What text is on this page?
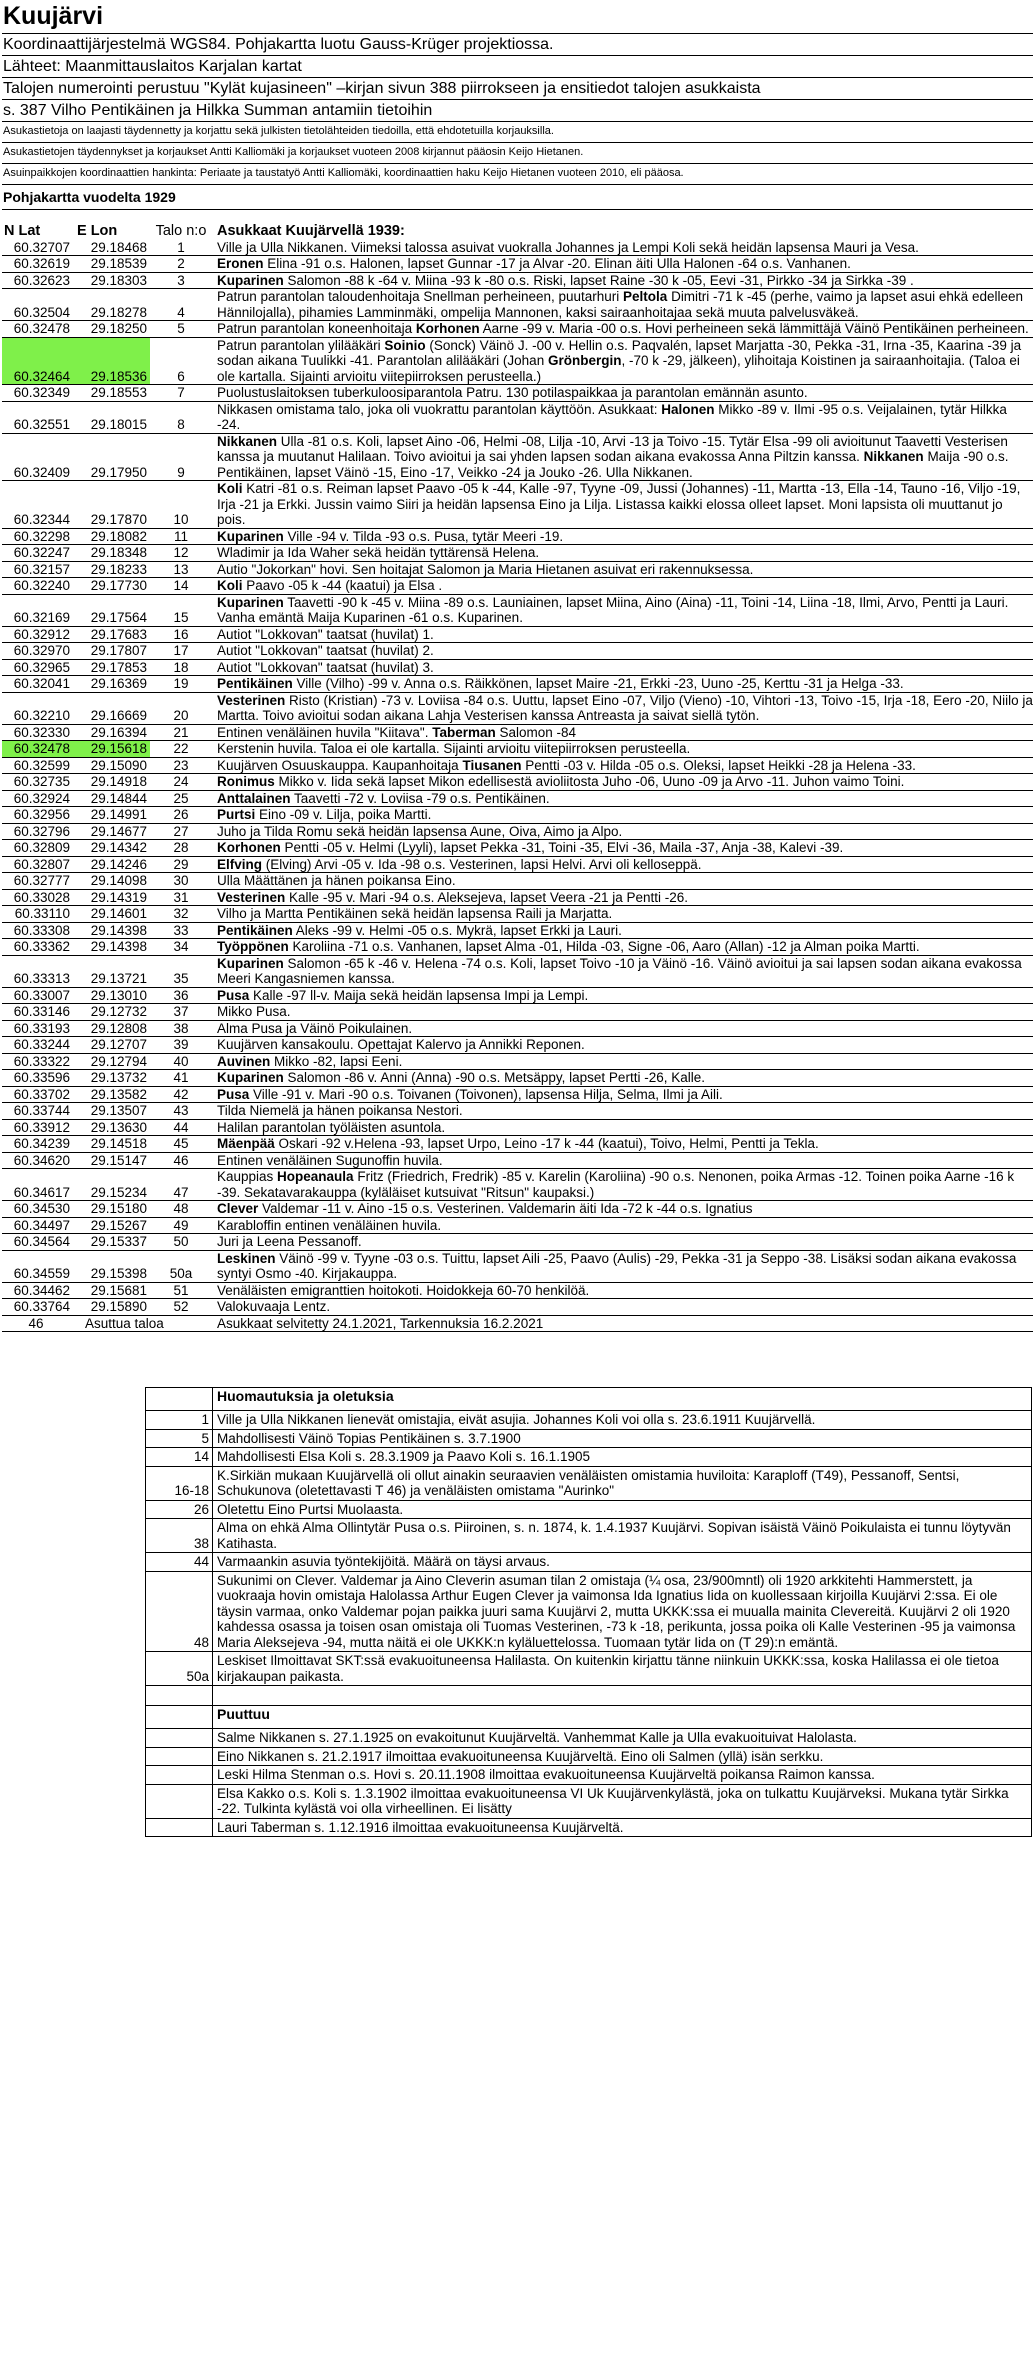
Kuujärvi
Koordinaattijärjestelmä WGS84. Pohjakartta luotu Gauss-Krüger projektiossa.
Lähteet: Maanmittauslaitos Karjalan kartat
Talojen numerointi perustuu "Kylät kujasineen" –kirjan sivun 388 piirrokseen ja ensitiedot talojen asukkaista
s. 387 Vilho Pentikäinen ja Hilkka Summan antamiin tietoihin
Asukastietoja on laajasti täydennetty ja korjattu sekä julkisten tietolähteiden tiedoilla, että ehdotetuilla korjauksilla.
Asukastietojen täydennykset ja korjaukset Antti Kalliomäki ja korjaukset vuoteen 2008 kirjannut pääosin Keijo Hietanen.
Asuinpaikkojen koordinaattien hankinta: Periaate ja taustatyö Antti Kalliomäki, koordinaattien haku Keijo Hietanen vuoteen 2010, eli pääosa.
Pohjakartta vuodelta 1929
N Lat	E Lon	Talo n:o	Asukkaat Kuujärvellä 1939:
60.32707	29.18468	1	Ville ja Ulla Nikkanen. Viimeksi talossa asuivat vuokralla Johannes ja Lempi Koli sekä heidän lapsensa Mauri ja Vesa.
60.32619	29.18539	2	Eronen Elina -91 o.s. Halonen, lapset Gunnar -17 ja Alvar -20. Elinan äiti Ulla Halonen -64 o.s. Vanhanen.
60.32623	29.18303	3	Kuparinen Salomon -88 k -64 v. Miina -93 k -80 o.s. Riski, lapset Raine -30 k -05, Eevi -31, Pirkko -34 ja Sirkka -39 .
60.32504	29.18278	4	Patrun parantolan taloudenhoitaja Snellman perheineen, puutarhuri Peltola Dimitri -71 k -45 (perhe, vaimo ja lapset asui ehkä edelleen Hännilojalla), pihamies Lamminmäki, ompelija Mannonen, kaksi sairaanhoitajaa sekä muuta palvelusväkeä.
60.32478	29.18250	5	Patrun parantolan koneenhoitaja Korhonen Aarne -99 v. Maria -00 o.s. Hovi perheineen sekä lämmittäjä Väinö Pentikäinen perheineen.
60.32464	29.18536	6	Patrun parantolan ylilääkäri Soinio (Sonck) Väinö J. -00 v. Hellin o.s. Paqvalén, lapset Marjatta -30, Pekka -31, Irna -35, Kaarina -39 ja sodan aikana Tuulikki -41. Parantolan alilääkäri (Johan Grönbergin, -70 k -29, jälkeen), ylihoitaja Koistinen ja sairaanhoitajia. (Taloa ei ole kartalla. Sijainti arvioitu viitepiirroksen perusteella.)
60.32349	29.18553	7	Puolustuslaitoksen tuberkuloosiparantola Patru. 130 potilaspaikkaa ja parantolan emännän asunto.
60.32551	29.18015	8	Nikkasen omistama talo, joka oli vuokrattu parantolan käyttöön. Asukkaat: Halonen Mikko -89 v. Ilmi -95 o.s. Veijalainen, tytär Hilkka -24.
60.32409	29.17950	9	Nikkanen Ulla -81 o.s. Koli, lapset Aino -06, Helmi -08, Lilja -10, Arvi -13 ja Toivo -15. Tytär Elsa -99 oli avioitunut Taavetti Vesterisen kanssa ja muutanut Halilaan. Toivo avioitui ja sai yhden lapsen sodan aikana evakossa Anna Piltzin kanssa. Nikkanen Maija -90 o.s. Pentikäinen, lapset Väinö -15, Eino -17, Veikko -24 ja Jouko -26. Ulla Nikkanen.
60.32344	29.17870	10	Koli Katri -81 o.s. Reiman lapset Paavo -05 k -44, Kalle -97, Tyyne -09, Jussi (Johannes) -11, Martta -13, Ella -14, Tauno -16, Viljo -19, Irja -21 ja Erkki. Jussin vaimo Siiri ja heidän lapsensa Eino ja Lilja. Listassa kaikki elossa olleet lapset. Moni lapsista oli muuttanut jo pois.
60.32298	29.18082	11	Kuparinen Ville -94 v. Tilda -93 o.s. Pusa, tytär Meeri -19.
60.32247	29.18348	12	Wladimir ja Ida Waher sekä heidän tyttärensä Helena.
60.32157	29.18233	13	Autio "Jokorkan" hovi. Sen hoitajat Salomon ja Maria Hietanen asuivat eri rakennuksessa.
60.32240	29.17730	14	Koli Paavo -05 k -44 (kaatui) ja Elsa .
60.32169	29.17564	15	Kuparinen Taavetti -90 k -45 v. Miina -89 o.s. Launiainen, lapset Miina, Aino (Aina) -11, Toini -14, Liina -18, Ilmi, Arvo, Pentti ja Lauri. Vanha emäntä Maija Kuparinen -61 o.s. Kuparinen.
60.32912	29.17683	16	Autiot "Lokkovan" taatsat (huvilat) 1.
60.32970	29.17807	17	Autiot "Lokkovan" taatsat (huvilat) 2.
60.32965	29.17853	18	Autiot "Lokkovan" taatsat (huvilat) 3.
60.32041	29.16369	19	Pentikäinen Ville (Vilho) -99 v. Anna o.s. Räikkönen, lapset Maire -21, Erkki -23, Uuno -25, Kerttu -31 ja Helga -33.
60.32210	29.16669	20	Vesterinen Risto (Kristian) -73 v. Loviisa -84 o.s. Uuttu, lapset Eino -07, Viljo (Vieno) -10, Vihtori -13, Toivo -15, Irja -18, Eero -20, Niilo ja Martta. Toivo avioitui sodan aikana Lahja Vesterisen kanssa Antreasta ja saivat siellä tytön.
60.32330	29.16394	21	Entinen venäläinen huvila "Kiitava". Taberman Salomon -84
60.32478	29.15618	22	Kerstenin huvila. Taloa ei ole kartalla. Sijainti arvioitu viitepiirroksen perusteella.
60.32599	29.15090	23	Kuujärven Osuuskauppa. Kaupanhoitaja Tiusanen Pentti -03 v. Hilda -05 o.s. Oleksi, lapset Heikki -28 ja Helena -33.
60.32735	29.14918	24	Ronimus Mikko v. Iida sekä lapset Mikon edellisestä avioliitosta Juho -06, Uuno -09 ja Arvo -11. Juhon vaimo Toini.
60.32924	29.14844	25	Anttalainen Taavetti -72 v. Loviisa -79 o.s. Pentikäinen.
60.32956	29.14991	26	Purtsi Eino -09 v. Lilja, poika Martti.
60.32796	29.14677	27	Juho ja Tilda Romu sekä heidän lapsensa Aune, Oiva, Aimo ja Alpo.
60.32809	29.14342	28	Korhonen Pentti -05 v. Helmi (Lyyli), lapset Pekka -31, Toini -35, Elvi -36, Maila -37, Anja -38, Kalevi -39.
60.32807	29.14246	29	Elfving (Elving) Arvi -05 v. Ida -98 o.s. Vesterinen, lapsi Helvi. Arvi oli kelloseppä.
60.32777	29.14098	30	Ulla Määttänen ja hänen poikansa Eino.
60.33028	29.14319	31	Vesterinen Kalle -95 v. Mari -94 o.s. Aleksejeva, lapset Veera -21 ja Pentti -26.
60.33110	29.14601	32	Vilho ja Martta Pentikäinen sekä heidän lapsensa Raili ja Marjatta.
60.33308	29.14398	33	Pentikäinen Aleks -99 v. Helmi -05 o.s. Mykrä, lapset Erkki ja Lauri.
60.33362	29.14398	34	Työppönen Karoliina -71 o.s. Vanhanen, lapset Alma -01, Hilda -03, Signe -06, Aaro (Allan) -12 ja Alman poika Martti.
60.33313	29.13721	35	Kuparinen Salomon -65 k -46 v. Helena -74 o.s. Koli, lapset Toivo -10 ja Väinö -16. Väinö avioitui ja sai lapsen sodan aikana evakossa Meeri Kangasniemen kanssa.
60.33007	29.13010	36	Pusa Kalle -97 ll-v. Maija sekä heidän lapsensa Impi ja Lempi.
60.33146	29.12732	37	Mikko Pusa.
60.33193	29.12808	38	Alma Pusa ja Väinö Poikulainen.
60.33244	29.12707	39	Kuujärven kansakoulu. Opettajat Kalervo ja Annikki Reponen.
60.33322	29.12794	40	Auvinen Mikko -82, lapsi Eeni.
60.33596	29.13732	41	Kuparinen Salomon -86 v. Anni (Anna) -90 o.s. Metsäppy, lapset Pertti -26, Kalle.
60.33702	29.13582	42	Pusa Ville -91 v. Mari -90 o.s. Toivanen (Toivonen), lapsensa Hilja, Selma, Ilmi ja Aili.
60.33744	29.13507	43	Tilda Niemelä ja hänen poikansa Nestori.
60.33912	29.13630	44	Halilan parantolan työläisten asuntola.
60.34239	29.14518	45	Mäenpää Oskari -92 v.Helena -93, lapset Urpo, Leino -17 k -44 (kaatui), Toivo, Helmi, Pentti ja Tekla.
60.34620	29.15147	46	Entinen venäläinen Sugunoffin huvila.
60.34617	29.15234	47	Kauppias Hopeanaula Fritz (Friedrich, Fredrik) -85 v. Karelin (Karoliina) -90 o.s. Nenonen, poika Armas -12. Toinen poika Aarne -16 k -39. Sekatavarakauppa (kyläläiset kutsuivat "Ritsun" kaupaksi.)
60.34530	29.15180	48	Clever Valdemar -11 v. Aino -15 o.s. Vesterinen. Valdemarin äiti Ida -72 k -44 o.s. Ignatius
60.34497	29.15267	49	Karabloffin entinen venäläinen huvila.
60.34564	29.15337	50	Juri ja Leena Pessanoff.
60.34559	29.15398	50a	Leskinen Väinö -99 v. Tyyne -03 o.s. Tuittu, lapset Aili -25, Paavo (Aulis) -29, Pekka -31 ja Seppo -38. Lisäksi sodan aikana evakossa syntyi Osmo -40. Kirjakauppa.
60.34462	29.15681	51	Venäläisten emigranttien hoitokoti. Hoidokkeja 60-70 henkilöä.
60.33764	29.15890	52	Valokuvaaja Lentz.
46	Asuttua taloa		Asukkaat selvitetty 24.1.2021, Tarkennuksia 16.2.2021
	Huomautuksia ja oletuksia
1	Ville ja Ulla Nikkanen lienevät omistajia, eivät asujia. Johannes Koli voi olla s. 23.6.1911 Kuujärvellä.
5	Mahdollisesti Väinö Topias Pentikäinen s. 3.7.1900
14	Mahdollisesti Elsa Koli s. 28.3.1909 ja Paavo Koli s. 16.1.1905
16-18	K.Sirkiän mukaan Kuujärvellä oli ollut ainakin seuraavien venäläisten omistamia huviloita: Karaploff (T49), Pessanoff, Sentsi, Schukunova (oletettavasti T 46) ja venäläisten omistama "Aurinko"
26	Oletettu Eino Purtsi Muolaasta.
38	Alma on ehkä Alma Ollintytär Pusa o.s. Piiroinen, s. n. 1874, k. 1.4.1937 Kuujärvi. Sopivan isäistä Väinö Poikulaista ei tunnu löytyvän Katihasta.
44	Varmaankin asuvia työntekijöitä. Määrä on täysi arvaus.
48	Sukunimi on Clever. Valdemar ja Aino Cleverin asuman tilan 2 omistaja (¼ osa, 23/900mntl) oli 1920 arkkitehti Hammerstett, ja vuokraaja hovin omistaja Halolassa Arthur Eugen Clever ja vaimonsa Ida Ignatius Iida on kuollessaan kirjoilla Kuujärvi 2:ssa. Ei ole täysin varmaa, onko Valdemar pojan paikka juuri sama Kuujärvi 2, mutta UKKK:ssa ei muualla mainita Clevereitä. Kuujärvi 2 oli 1920 kahdessa osassa ja toisen osan omistaja oli Tuomas Vesterinen, -73 k -18, perikunta, jossa poika oli Kalle Vesterinen -95 ja vaimonsa Maria Aleksejeva -94, mutta näitä ei ole UKKK:n kyläluettelossa. Tuomaan tytär Iida on (T 29):n emäntä.
50a	Leskiset Ilmoittavat SKT:ssä evakuoituneensa Halilasta. On kuitenkin kirjattu tänne niinkuin UKKK:ssa, koska Halilassa ei ole tietoa kirjakaupan paikasta.

	Puuttuu
	Salme Nikkanen s. 27.1.1925 on evakoitunut Kuujärveltä. Vanhemmat Kalle ja Ulla evakuoituivat Halolasta.
	Eino Nikkanen s. 21.2.1917 ilmoittaa evakuoituneensa Kuujärveltä. Eino oli Salmen (yllä) isän serkku.
	Leski Hilma Stenman o.s. Hovi s. 20.11.1908 ilmoittaa evakuoituneensa Kuujärveltä poikansa Raimon kanssa.
	Elsa Kakko o.s. Koli s. 1.3.1902 ilmoittaa evakuoituneensa VI Uk Kuujärvenkylästä, joka on tulkattu Kuujärveksi. Mukana tytär Sirkka -22. Tulkinta kylästä voi olla virheellinen. Ei lisätty
	Lauri Taberman s. 1.12.1916 ilmoittaa evakuoituneensa Kuujärveltä.
